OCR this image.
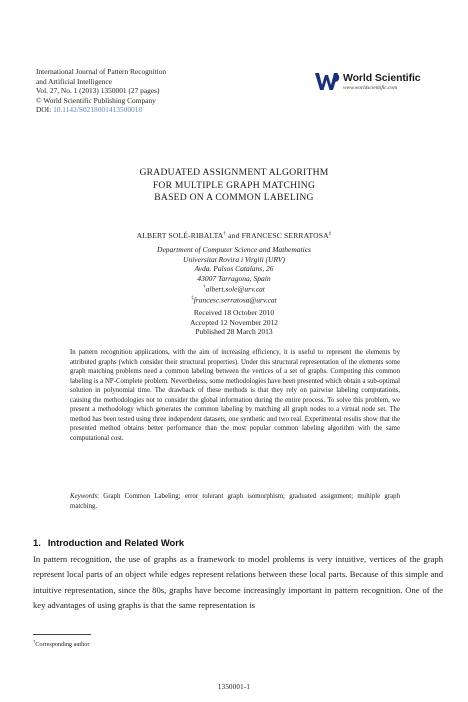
International Journal of Pattern Recognition
and Artificial Intelligence
Vol. 27, No. 1 (2013) 1350001 (27 pages)
© World Scientific Publishing Company
DOI: 10.1142/S0218001413500018
World Scientific
www.worldscientific.com
GRADUATED ASSIGNMENT ALGORITHM
FOR MULTIPLE GRAPH MATCHING
BASED ON A COMMON LABELING
ALBERT SOLÉ-RIBALTA† and FRANCESC SERRATOSA‡
Department of Computer Science and Mathematics
Universitat Rovira i Virgili (URV)
Avda. Països Catalans, 26
43007 Tarragona, Spain
†albert.sole@urv.cat
‡francesc.serratosa@urv.cat
Received 18 October 2010
Accepted 12 November 2012
Published 28 March 2013
In pattern recognition applications, with the aim of increasing efficiency, it is useful to represent the elements by attributed graphs (which consider their structural properties). Under this structural representation of the elements some graph matching problems need a common labeling between the vertices of a set of graphs. Computing this common labeling is a NP-Complete problem. Nevertheless, some methodologies have been presented which obtain a sub-optimal solution in polynomial time. The drawback of these methods is that they rely on pairwise labeling computations, causing the methodologies not to consider the global information during the entire process. To solve this problem, we present a methodology which generates the common labeling by matching all graph nodes to a virtual node set. The method has been tested using three independent datasets, one synthetic and two real. Experimental results show that the presented method obtains better performance than the most popular common labeling algorithm with the same computational cost.
Keywords: Graph Common Labeling; error tolerant graph isomorphism; graduated assignment; multiple graph matching.
1. Introduction and Related Work
In pattern recognition, the use of graphs as a framework to model problems is very intuitive, vertices of the graph represent local parts of an object while edges represent relations between these local parts. Because of this simple and intuitive representation, since the 80s, graphs have become increasingly important in pattern recognition. One of the key advantages of using graphs is that the same representation is
†Corresponding author
1350001-1
